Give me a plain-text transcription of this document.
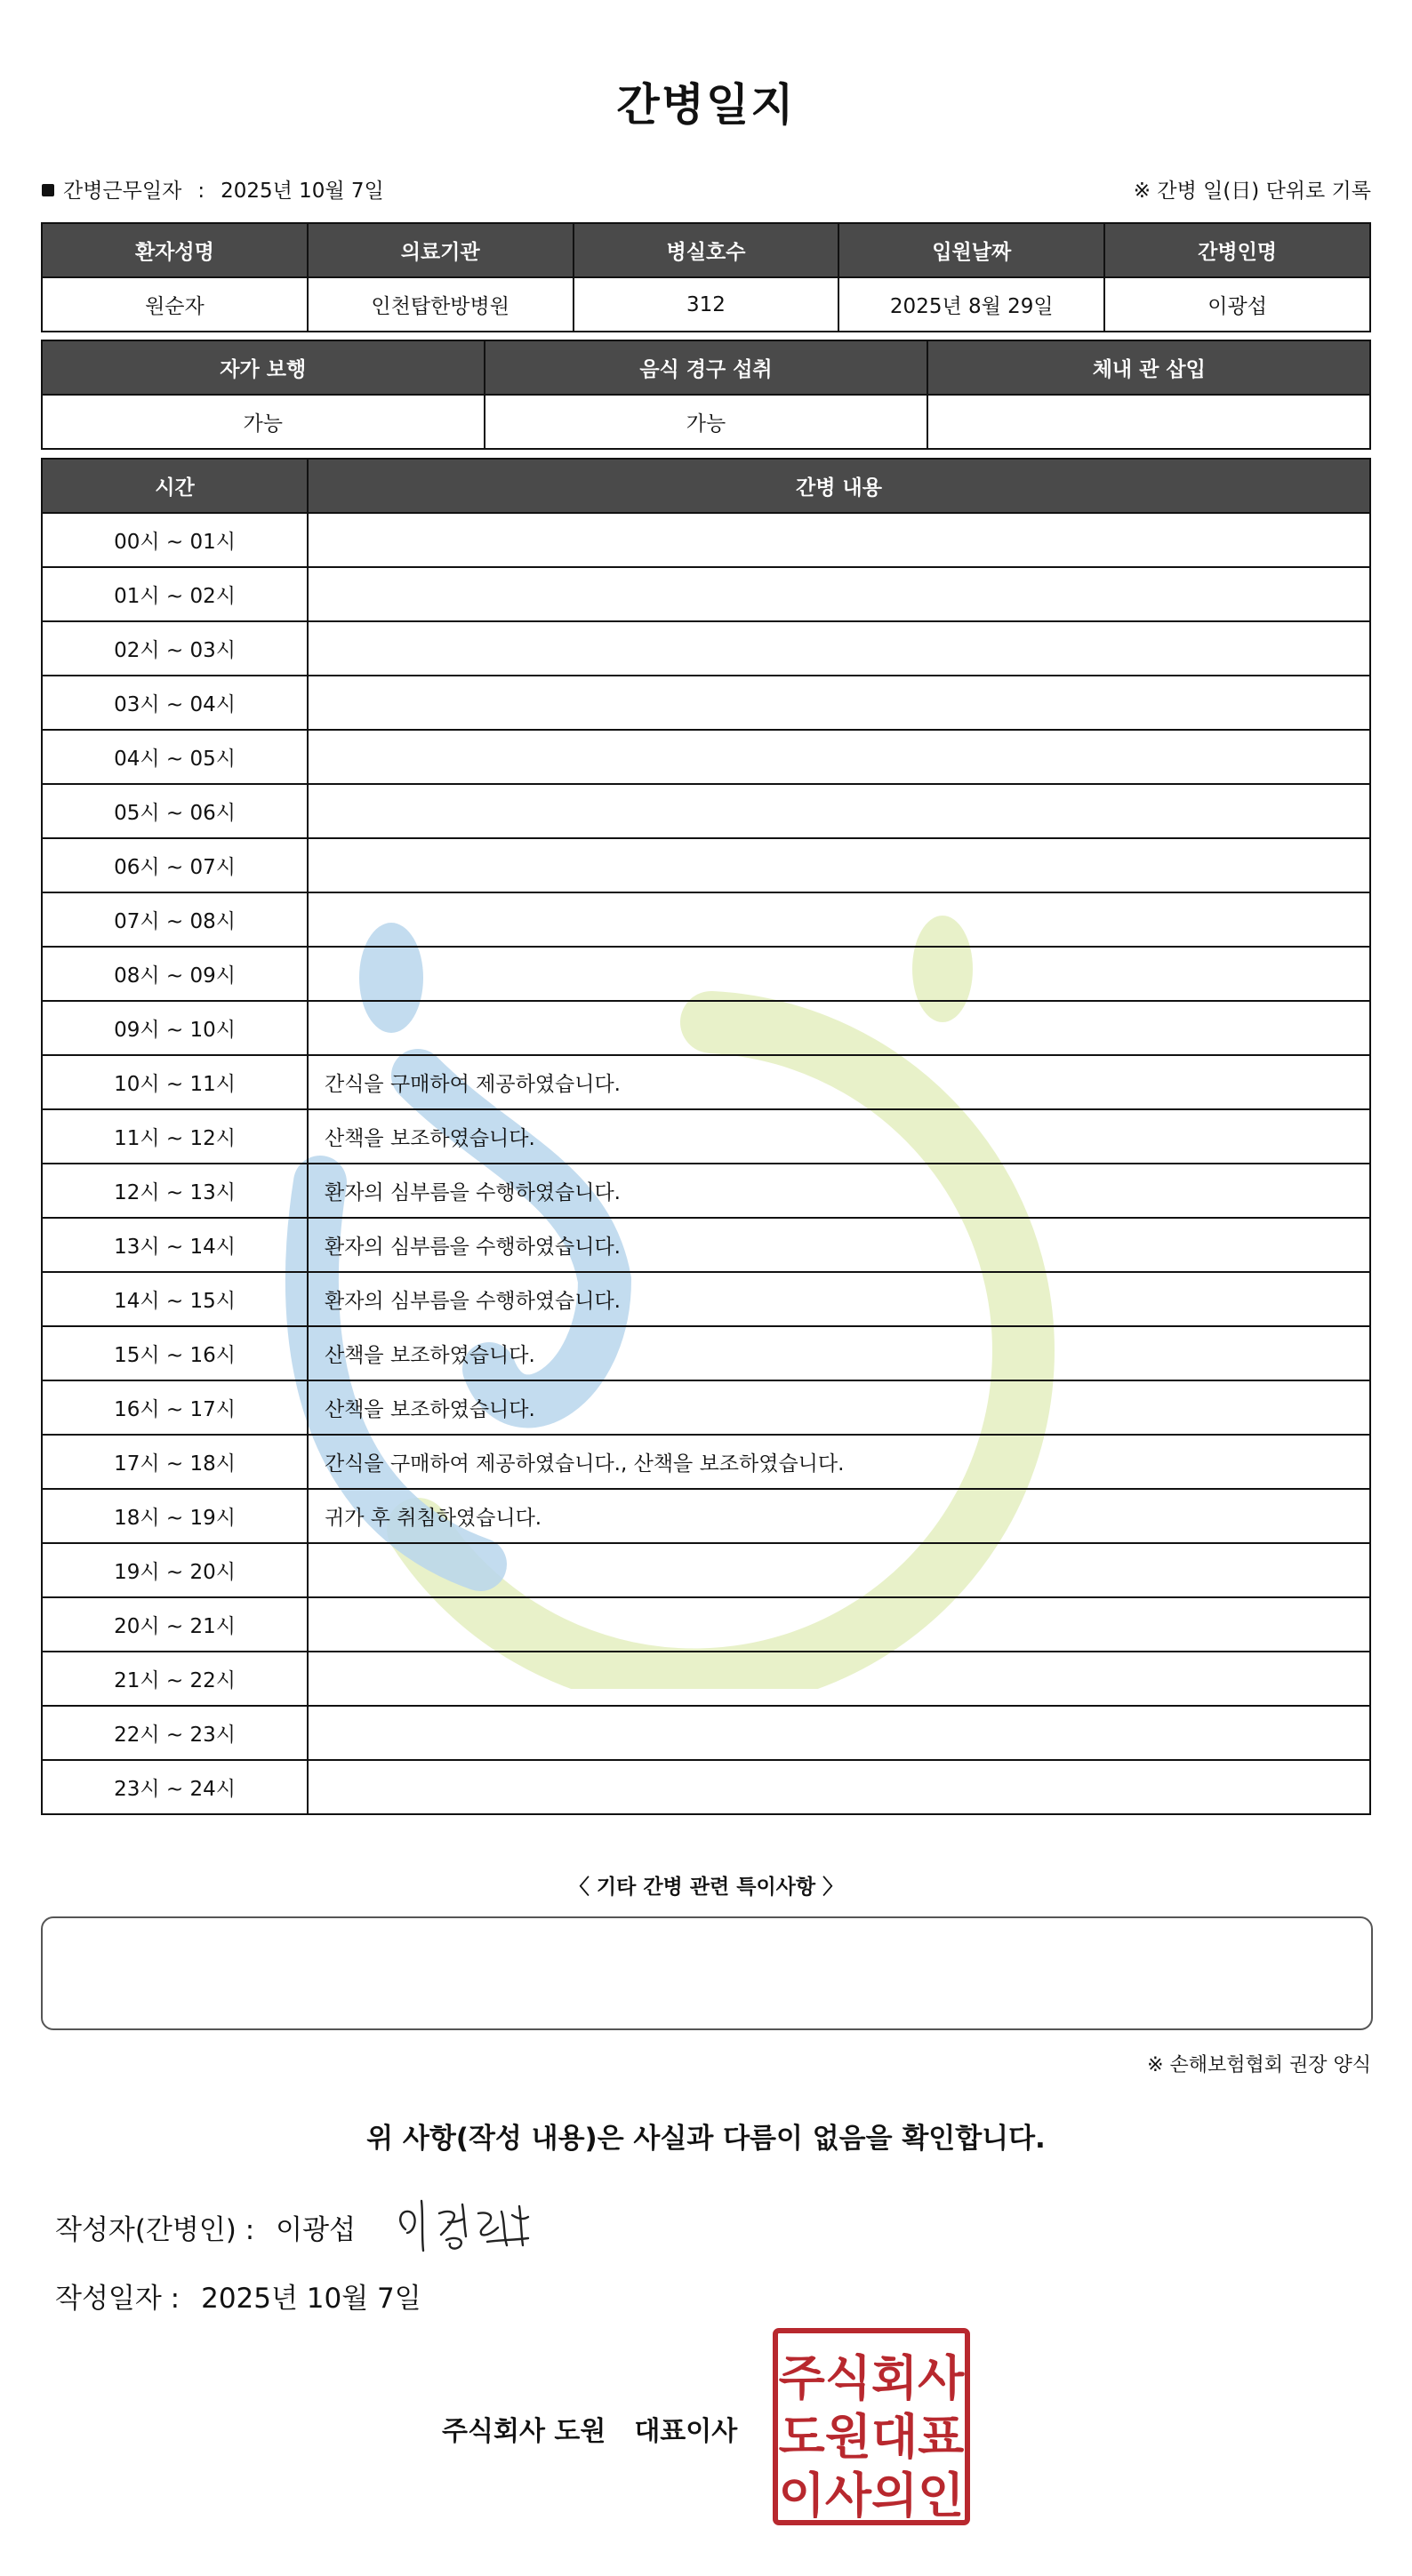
간병일지
간병근무일자 : 2025년 10월 7일	※ 간병 일(日) 단위로 기록
환자성명	의료기관	병실호수	입원날짜	간병인명
원순자	인천탑한방병원	312	2025년 8월 29일	이광섭
자가 보행	음식 경구 섭취	체내 관 삽입
가능	가능	
시간	간병 내용
00시 ~ 01시	
01시 ~ 02시	
02시 ~ 03시	
03시 ~ 04시	
04시 ~ 05시	
05시 ~ 06시	
06시 ~ 07시	
07시 ~ 08시	
08시 ~ 09시	
09시 ~ 10시	
10시 ~ 11시	간식을 구매하여 제공하였습니다.
11시 ~ 12시	산책을 보조하였습니다.
12시 ~ 13시	환자의 심부름을 수행하였습니다.
13시 ~ 14시	환자의 심부름을 수행하였습니다.
14시 ~ 15시	환자의 심부름을 수행하였습니다.
15시 ~ 16시	산책을 보조하였습니다.
16시 ~ 17시	산책을 보조하였습니다.
17시 ~ 18시	간식을 구매하여 제공하였습니다., 산책을 보조하였습니다.
18시 ~ 19시	귀가 후 취침하였습니다.
19시 ~ 20시	
20시 ~ 21시	
21시 ~ 22시	
22시 ~ 23시	
23시 ~ 24시	
〈 기타 간병 관련 특이사항 〉
※ 손해보험협회 권장 양식
위 사항(작성 내용)은 사실과 다름이 없음을 확인합니다.
작성자(간병인) : 이광섭
작성일자 : 2025년 10월 7일
주식회사 도원 대표이사
주식회사
도원대표
이사의인
